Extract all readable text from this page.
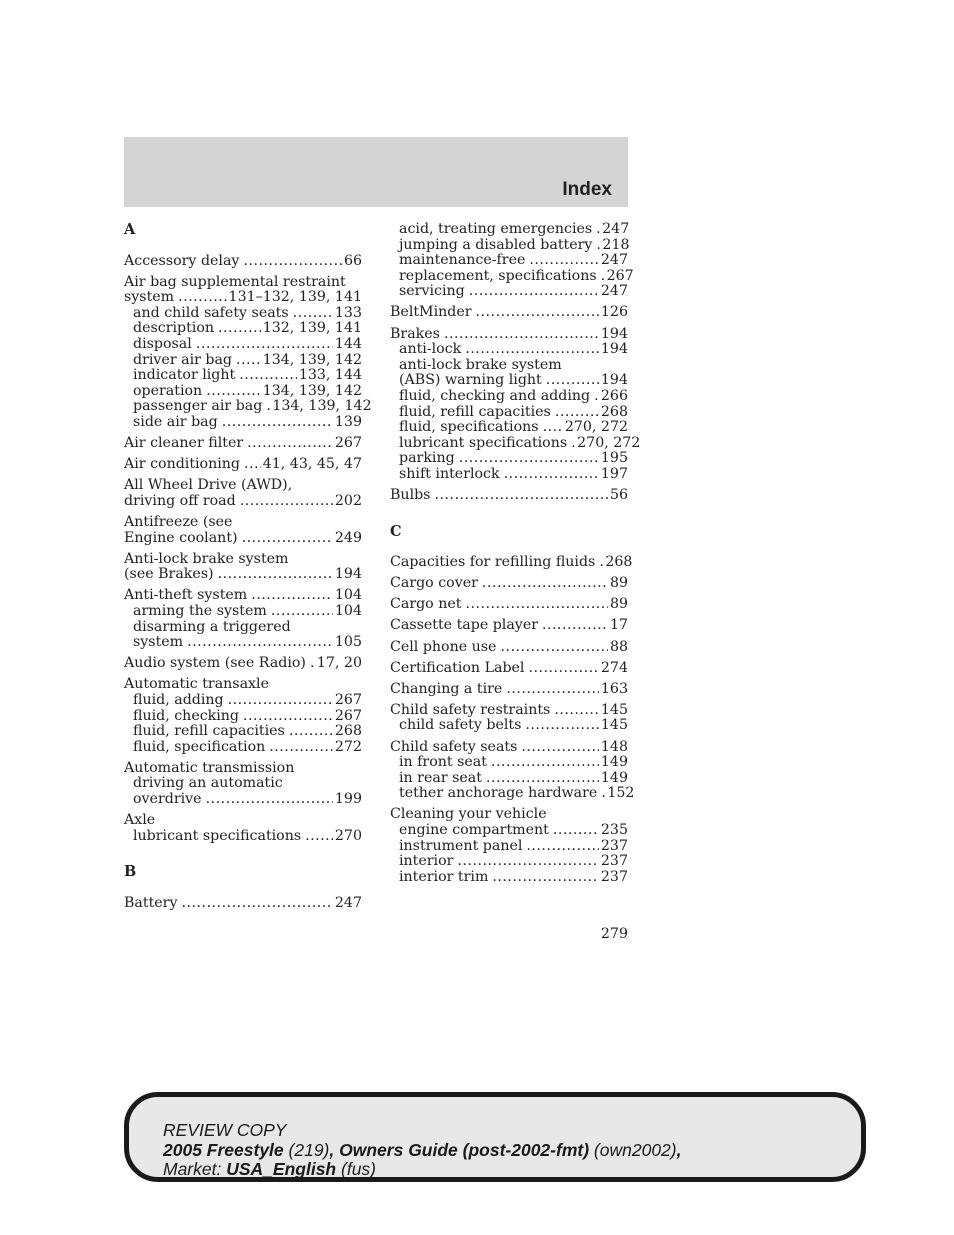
Index
A
Accessory delay .....	66
Air bag supplemental restraint
system .....	131–132, 139, 141
and child safety seats .....	133
description .....	132, 139, 141
disposal .....	144
driver air bag ..... 134, 139, 142
indicator light .....	133, 144
operation .....	134, 139, 142
passenger air bag ..... 134, 139, 142
side air bag .....	139
Air cleaner filter .....	267
Air conditioning ..... 41, 43, 45, 47
All Wheel Drive (AWD),
driving off road .....	202
Antifreeze (see
Engine coolant) .....	249
Anti-lock brake system
(see Brakes) .....	194
Anti-theft system .....	104
arming the system .....	104
disarming a triggered
system .....	105
Audio system (see Radio) ..... 17, 20
Automatic transaxle
fluid, adding .....	267
fluid, checking .....	267
fluid, refill capacities .....	268
fluid, specification .....	272
Automatic transmission
driving an automatic
overdrive .....	199
Axle
lubricant specifications ..... 270
B
Battery .....	247
acid, treating emergencies ..... 247
jumping a disabled battery ..... 218
maintenance-free .....	247
replacement, specifications ..... 267
servicing .....	247
BeltMinder .....	126
Brakes .....	194
anti-lock .....	194
anti-lock brake system
(ABS) warning light .....	194
fluid, checking and adding ..... 266
fluid, refill capacities .....	268
fluid, specifications ..... 270, 272
lubricant specifications ..... 270, 272
parking .....	195
shift interlock .....	197
Bulbs .....	56
C
Capacities for refilling fluids ..... 268
Cargo cover .....	89
Cargo net .....	89
Cassette tape player .....	17
Cell phone use .....	88
Certification Label .....	274
Changing a tire .....	163
Child safety restraints .....	145
child safety belts .....	145
Child safety seats .....	148
in front seat .....	149
in rear seat .....	149
tether anchorage hardware ..... 152
Cleaning your vehicle
engine compartment .....	235
instrument panel .....	237
interior .....	237
interior trim .....	237
279
REVIEW COPY
2005 Freestyle (219), Owners Guide (post-2002-fmt) (own2002),
Market: USA_English (fus)
